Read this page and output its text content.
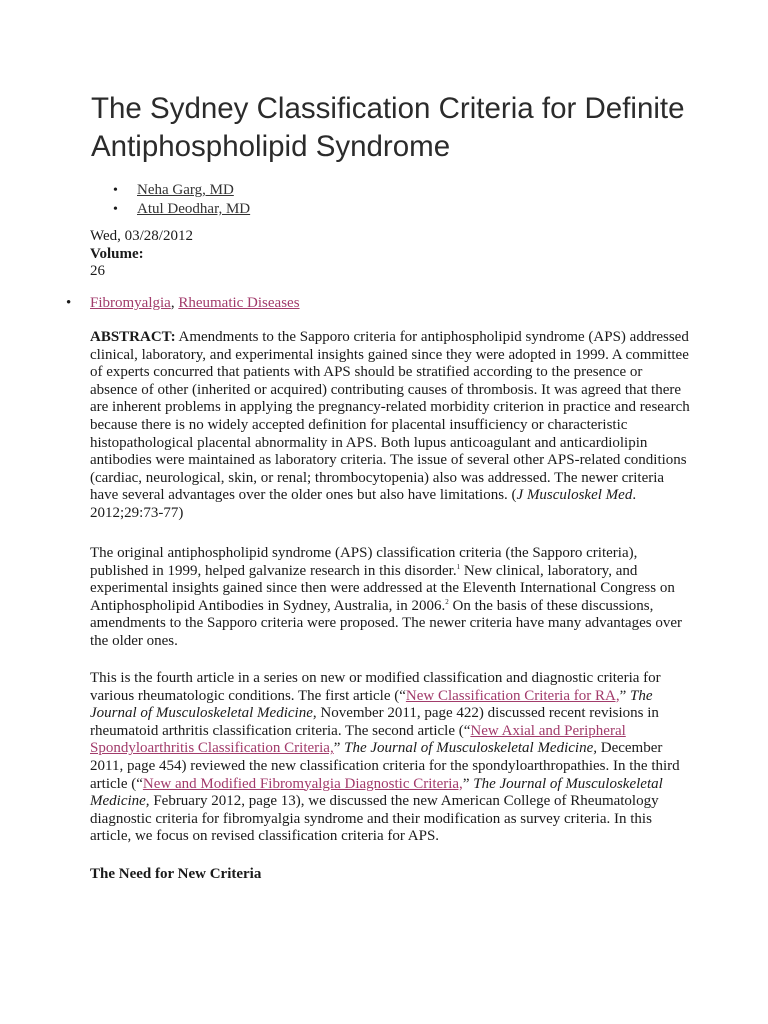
The Sydney Classification Criteria for Definite Antiphospholipid Syndrome
• Neha Garg, MD
• Atul Deodhar, MD
Wed, 03/28/2012
Volume:
26
• Fibromyalgia, Rheumatic Diseases

ABSTRACT: Amendments to the Sapporo criteria for antiphospholipid syndrome (APS) addressed clinical, laboratory, and experimental insights gained since they were adopted in 1999. A committee of experts concurred that patients with APS should be stratified according to the presence or absence of other (inherited or acquired) contributing causes of thrombosis. It was agreed that there are inherent problems in applying the pregnancy-related morbidity criterion in practice and research because there is no widely accepted definition for placental insufficiency or characteristic histopathological placental abnormality in APS. Both lupus anticoagulant and anticardiolipin antibodies were maintained as laboratory criteria. The issue of several other APS-related conditions (cardiac, neurological, skin, or renal; thrombocytopenia) also was addressed. The newer criteria have several advantages over the older ones but also have limitations. (J Musculoskel Med. 2012;29:73-77)

The original antiphospholipid syndrome (APS) classification criteria (the Sapporo criteria), published in 1999, helped galvanize research in this disorder.$^1$ New clinical, laboratory, and experimental insights gained since then were addressed at the Eleventh International Congress on Antiphospholipid Antibodies in Sydney, Australia, in 2006.$^2$ On the basis of these discussions, amendments to the Sapporo criteria were proposed. The newer criteria have many advantages over the older ones.

This is the fourth article in a series on new or modified classification and diagnostic criteria for various rheumatologic conditions. The first article (“New Classification Criteria for RA,” The Journal of Musculoskeletal Medicine, November 2011, page 422) discussed recent revisions in rheumatoid arthritis classification criteria. The second article (“New Axial and Peripheral Spondyloarthritis Classification Criteria,” The Journal of Musculoskeletal Medicine, December 2011, page 454) reviewed the new classification criteria for the spondyloarthropathies. In the third article (“New and Modified Fibromyalgia Diagnostic Criteria,” The Journal of Musculoskeletal Medicine, February 2012, page 13), we discussed the new American College of Rheumatology diagnostic criteria for fibromyalgia syndrome and their modification as survey criteria. In this article, we focus on revised classification criteria for APS.

The Need for New Criteria
